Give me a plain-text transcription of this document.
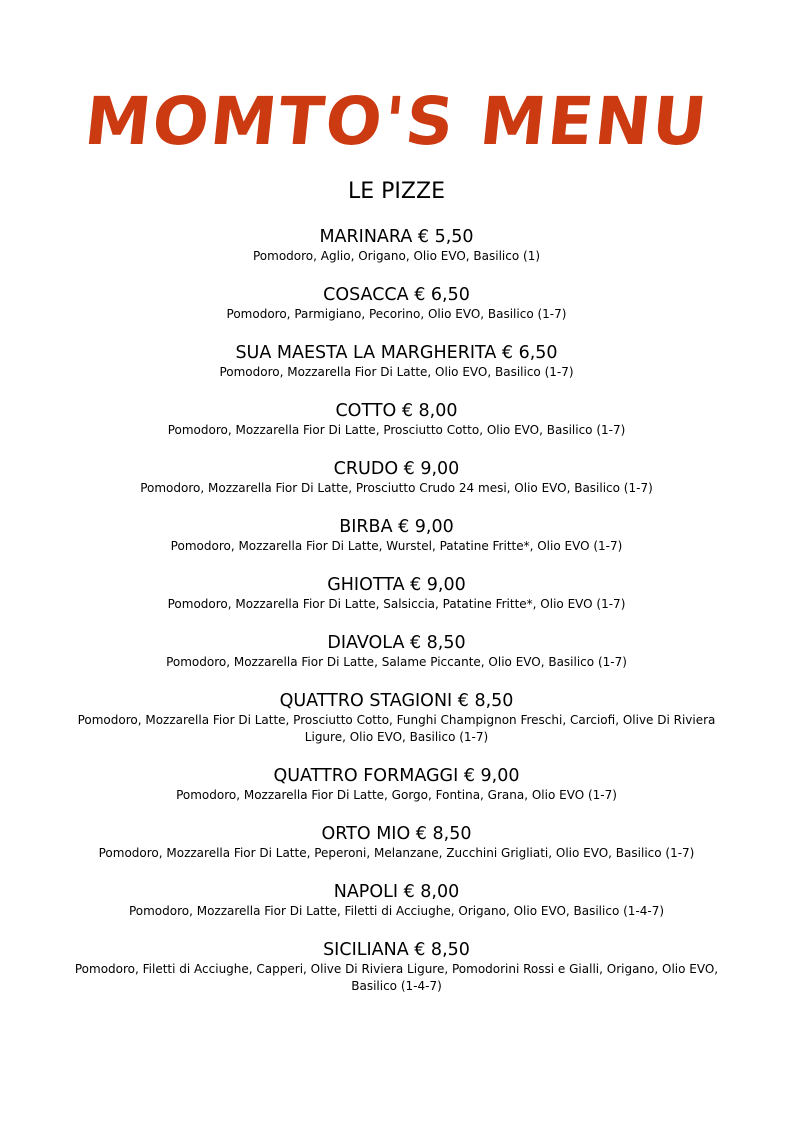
MOMTO'S MENU
LE PIZZE
MARINARA € 5,50
Pomodoro, Aglio, Origano, Olio EVO, Basilico (1)
COSACCA € 6,50
Pomodoro, Parmigiano, Pecorino, Olio EVO, Basilico (1-7)
SUA MAESTA LA MARGHERITA € 6,50
Pomodoro, Mozzarella Fior Di Latte, Olio EVO, Basilico (1-7)
COTTO € 8,00
Pomodoro, Mozzarella Fior Di Latte, Prosciutto Cotto, Olio EVO, Basilico (1-7)
CRUDO € 9,00
Pomodoro, Mozzarella Fior Di Latte, Prosciutto Crudo 24 mesi, Olio EVO, Basilico (1-7)
BIRBA € 9,00
Pomodoro, Mozzarella Fior Di Latte, Wurstel, Patatine Fritte*, Olio EVO (1-7)
GHIOTTA € 9,00
Pomodoro, Mozzarella Fior Di Latte, Salsiccia, Patatine Fritte*, Olio EVO (1-7)
DIAVOLA € 8,50
Pomodoro, Mozzarella Fior Di Latte, Salame Piccante, Olio EVO, Basilico (1-7)
QUATTRO STAGIONI € 8,50
Pomodoro, Mozzarella Fior Di Latte, Prosciutto Cotto, Funghi Champignon Freschi, Carciofi, Olive Di Riviera Ligure, Olio EVO, Basilico (1-7)
QUATTRO FORMAGGI € 9,00
Pomodoro, Mozzarella Fior Di Latte, Gorgo, Fontina, Grana, Olio EVO (1-7)
ORTO MIO € 8,50
Pomodoro, Mozzarella Fior Di Latte, Peperoni, Melanzane, Zucchini Grigliati, Olio EVO, Basilico (1-7)
NAPOLI € 8,00
Pomodoro, Mozzarella Fior Di Latte, Filetti di Acciughe, Origano, Olio EVO, Basilico (1-4-7)
SICILIANA € 8,50
Pomodoro, Filetti di Acciughe, Capperi, Olive Di Riviera Ligure, Pomodorini Rossi e Gialli, Origano, Olio EVO, Basilico (1-4-7)
